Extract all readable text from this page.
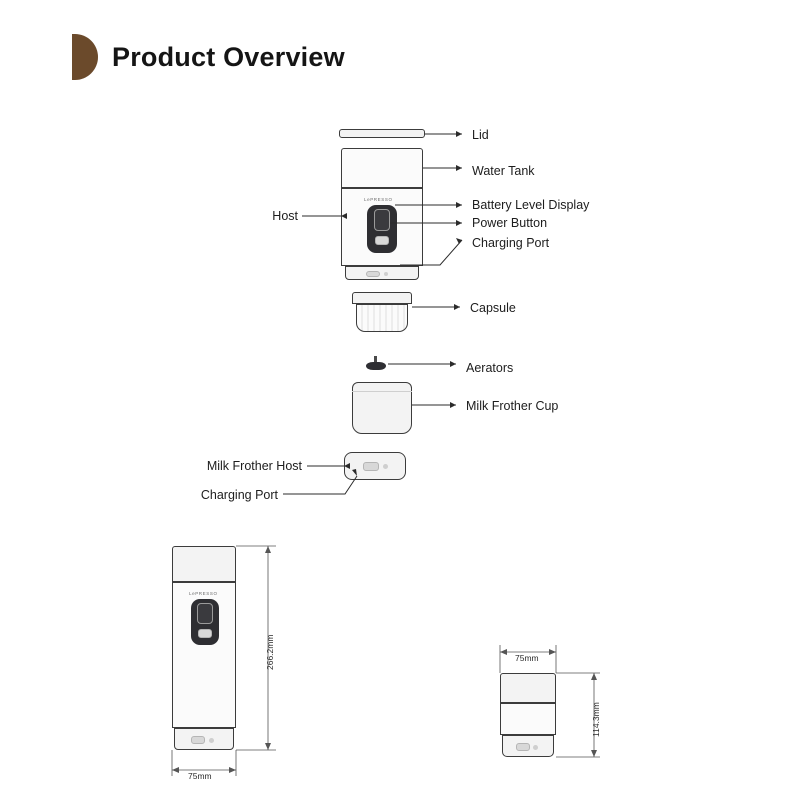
Product Overview
LePRESSO
LePRESSO
Lid
Water Tank
Battery Level Display
Power Button
Charging Port
Host
Capsule
Aerators
Milk Frother Cup
Milk Frother Host
Charging Port
266.2mm
75mm
75mm
114.3mm
